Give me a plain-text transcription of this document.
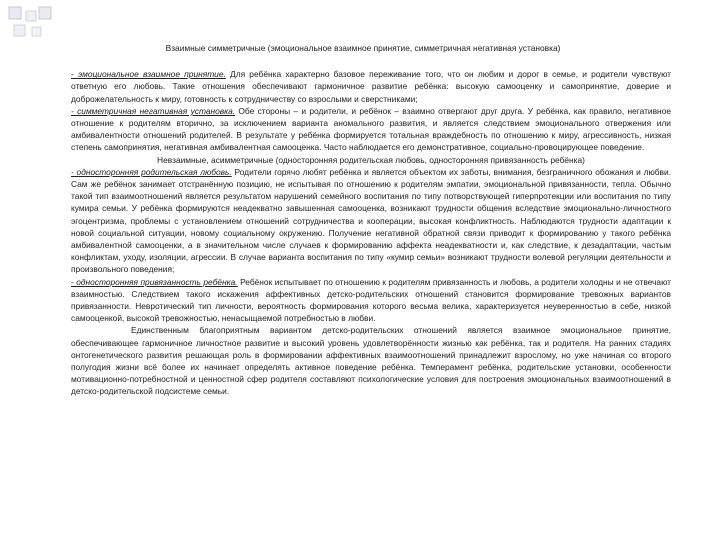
Взаимные симметричные (эмоциональное взаимное принятие, симметричная негативная установка)

- эмоциональное взаимное принятие. Для ребёнка характерно базовое переживание того, что он любим и дорог в семье, и родители чувствуют ответную его любовь. Такие отношения обеспечивают гармоничное развитие ребёнка: высокую самооценку и самопринятие, доверие и доброжелательность к миру, готовность к сотрудничеству со взрослыми и сверстниками;

- симметричная негативная установка. Обе стороны – и родители, и ребёнок – взаимно отвергают друг друга. У ребёнка, как правило, негативное отношение к родителям вторично, за исключением варианта аномального развития, и является следствием эмоционального отвержения или амбивалентности отношений родителей. В результате у ребёнка формируется тотальная враждебность по отношению к миру, агрессивность, низкая степень самопринятия, негативная амбивалентная самооценка. Часто наблюдается его демонстративное, социально-провоцирующее поведение.

Невзаимные, асимметричные (односторонняя родительская любовь, односторонняя привязанность ребёнка)

- односторонняя родительская любовь. Родители горячо любят ребёнка и является объектом их заботы, внимания, безграничного обожания и любви. Сам же ребёнок занимает отстранённую позицию, не испытывая по отношению к родителям эмпатии, эмоциональной привязанности, тепла. Обычно такой тип взаимоотношений является результатом нарушений семейного воспитания по типу потворствующей гиперпротекции или воспитания по типу кумира семьи. У ребёнка формируются неадекватно завышенная самооценка, возникают трудности общения вследствие эмоционально-личностного эгоцентризма, проблемы с установлением отношений сотрудничества и кооперации, высокая конфликтность. Наблюдаются трудности адаптации к новой социальной ситуации, новому социальному окружению. Получение негативной обратной связи приводит к формированию у такого ребёнка амбивалентной самооценки, а в значительном числе случаев к формированию аффекта неадекватности и, как следствие, к дезадаптации, частым конфликтам, уходу, изоляции, агрессии. В случае варианта воспитания по типу «кумир семьи» возникают трудности волевой регуляции деятельности и произвольного поведения;

- односторонняя привязанность ребёнка. Ребёнок испытывает по отношению к родителям привязанность и любовь, а родители холодны и не отвечают взаимностью. Следствием такого искажения аффективных детско-родительских отношений становится формирование тревожных вариантов привязанности. Невротический тип личности, вероятность формирования которого весьма велика, характеризуется неуверенностью в себе, низкой самооценкой, высокой тревожностью, ненасыщаемой потребностью в любви.

Единственным благоприятным вариантом детско-родительских отношений является взаимное эмоциональное принятие, обеспечивающее гармоничное личностное развитие и высокий уровень удовлетворённости жизнью как ребёнка, так и родителя. На ранних стадиях онтогенетического развития решающая роль в формировании аффективных взаимоотношений принадлежит взрослому, но уже начиная со второго полугодия жизни всё более их начинает определять активное поведение ребёнка. Темперамент ребёнка, родительские установки, особенности мотивационно-потребностной и ценностной сфер родителя составляют психологические условия для построения эмоциональных взаимоотношений в детско-родительской подсистеме семьи.
